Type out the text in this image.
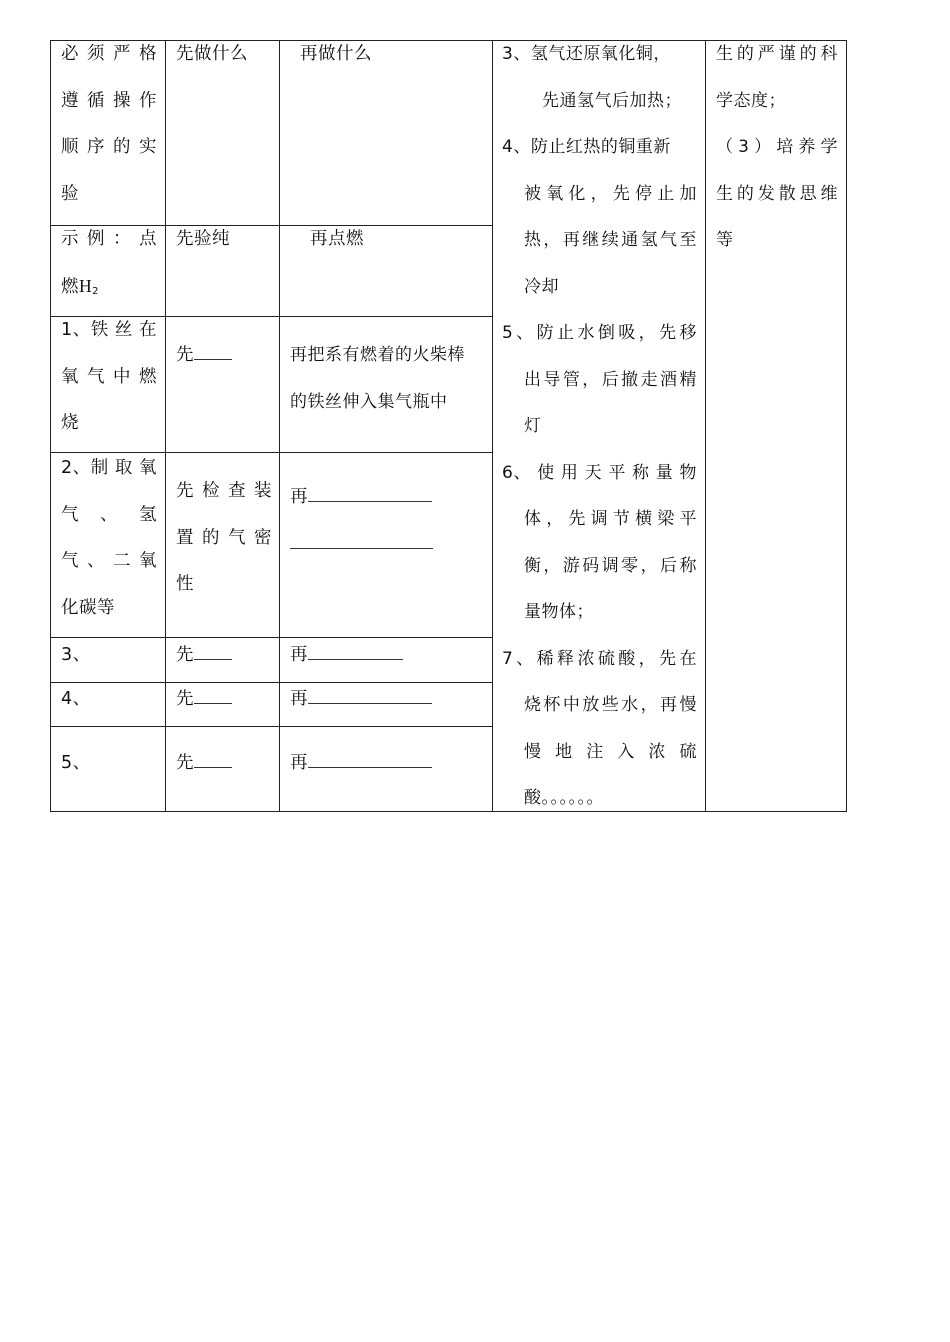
必 须 严 格
遵 循 操 作
顺 序 的 实
验
示 例 ： 点
燃$H_2$
1、铁 丝 在
氧 气 中 燃
烧
2、制 取 氧
气 、 氢
气 、 二 氧
化碳等
3、
4、
5、
先做什么
先验纯
先
先 检 查 装
置 的 气 密
性
先
先
先
再做什么
再点燃
再把系有燃着的火柴棒
的铁丝伸入集气瓶中
再
再
再
再
3、氢气还原氧化铜，
先通氢气后加热；
4、防止红热的铜重新
被氧化，先停止加
热，再继续通氢气至
冷却
5、防止水倒吸，先移
出导管，后撤走酒精
灯
6、 使 用 天 平 称 量 物
体，先调节横梁平
衡，游码调零，后称
量物体；
7、稀释浓硫酸，先在
烧杯中放些水，再慢
慢 地 注 入 浓 硫
酸。。。。。。
生的严谨的科
学态度；
（3）培养学
生的发散思维
等
